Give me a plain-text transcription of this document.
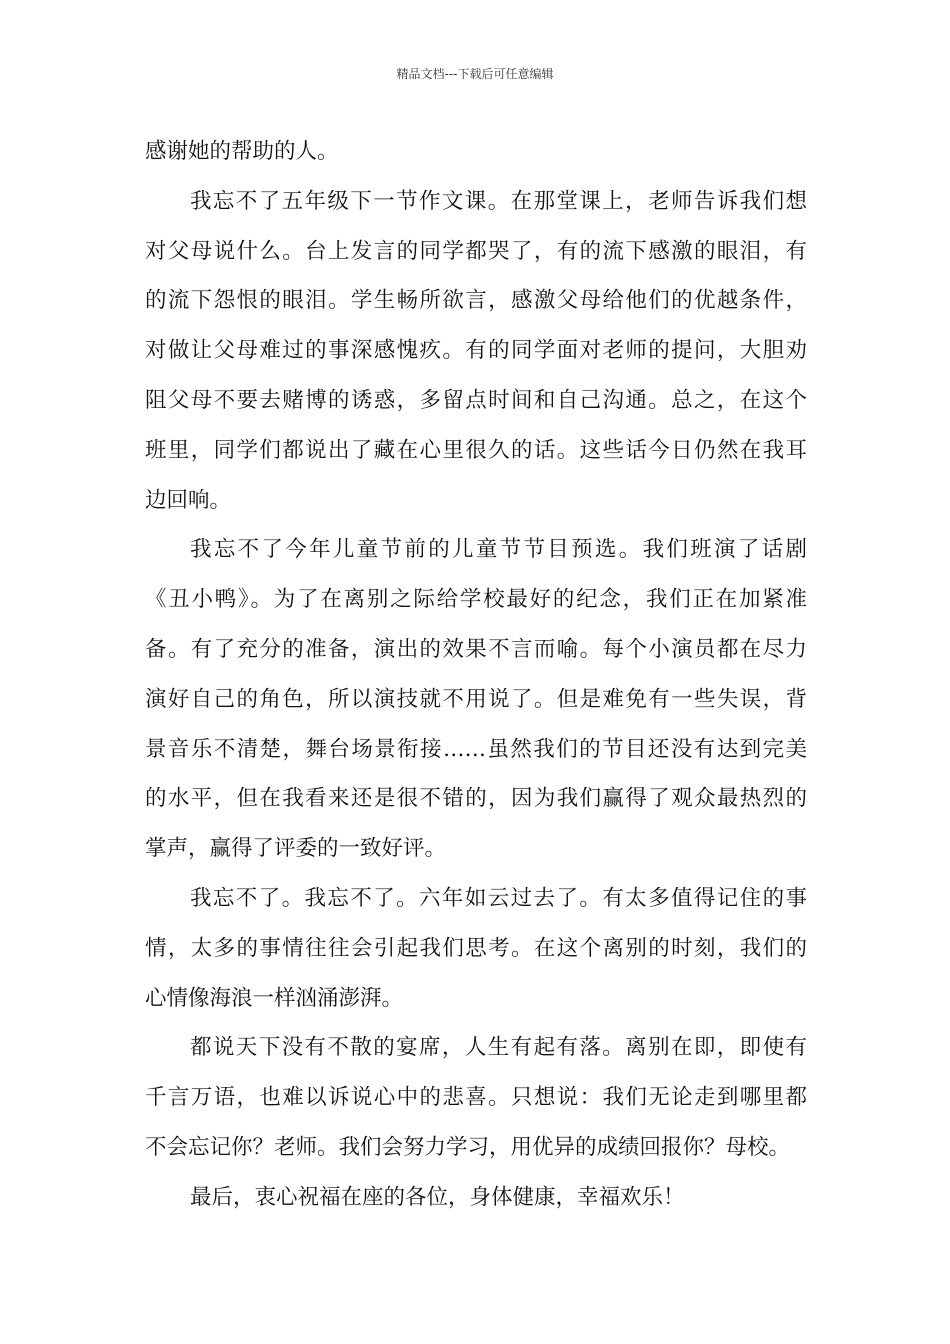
精品文档---下载后可任意编辑
感谢她的帮助的人。
我忘不了五年级下一节作文课。在那堂课上，老师告诉我们想
对父母说什么。台上发言的同学都哭了，有的流下感激的眼泪，有
的流下怨恨的眼泪。学生畅所欲言，感激父母给他们的优越条件，
对做让父母难过的事深感愧疚。有的同学面对老师的提问，大胆劝
阻父母不要去赌博的诱惑，多留点时间和自己沟通。总之，在这个
班里，同学们都说出了藏在心里很久的话。这些话今日仍然在我耳
边回响。
我忘不了今年儿童节前的儿童节节目预选。我们班演了话剧
《丑小鸭》。为了在离别之际给学校最好的纪念，我们正在加紧准
备。有了充分的准备，演出的效果不言而喻。每个小演员都在尽力
演好自己的角色，所以演技就不用说了。但是难免有一些失误，背
景音乐不清楚，舞台场景衔接……虽然我们的节目还没有达到完美
的水平，但在我看来还是很不错的，因为我们赢得了观众最热烈的
掌声，赢得了评委的一致好评。
我忘不了。我忘不了。六年如云过去了。有太多值得记住的事
情，太多的事情往往会引起我们思考。在这个离别的时刻，我们的
心情像海浪一样汹涌澎湃。
都说天下没有不散的宴席，人生有起有落。离别在即，即使有
千言万语，也难以诉说心中的悲喜。只想说：我们无论走到哪里都
不会忘记你？老师。我们会努力学习，用优异的成绩回报你？母校。
最后，衷心祝福在座的各位，身体健康，幸福欢乐！
